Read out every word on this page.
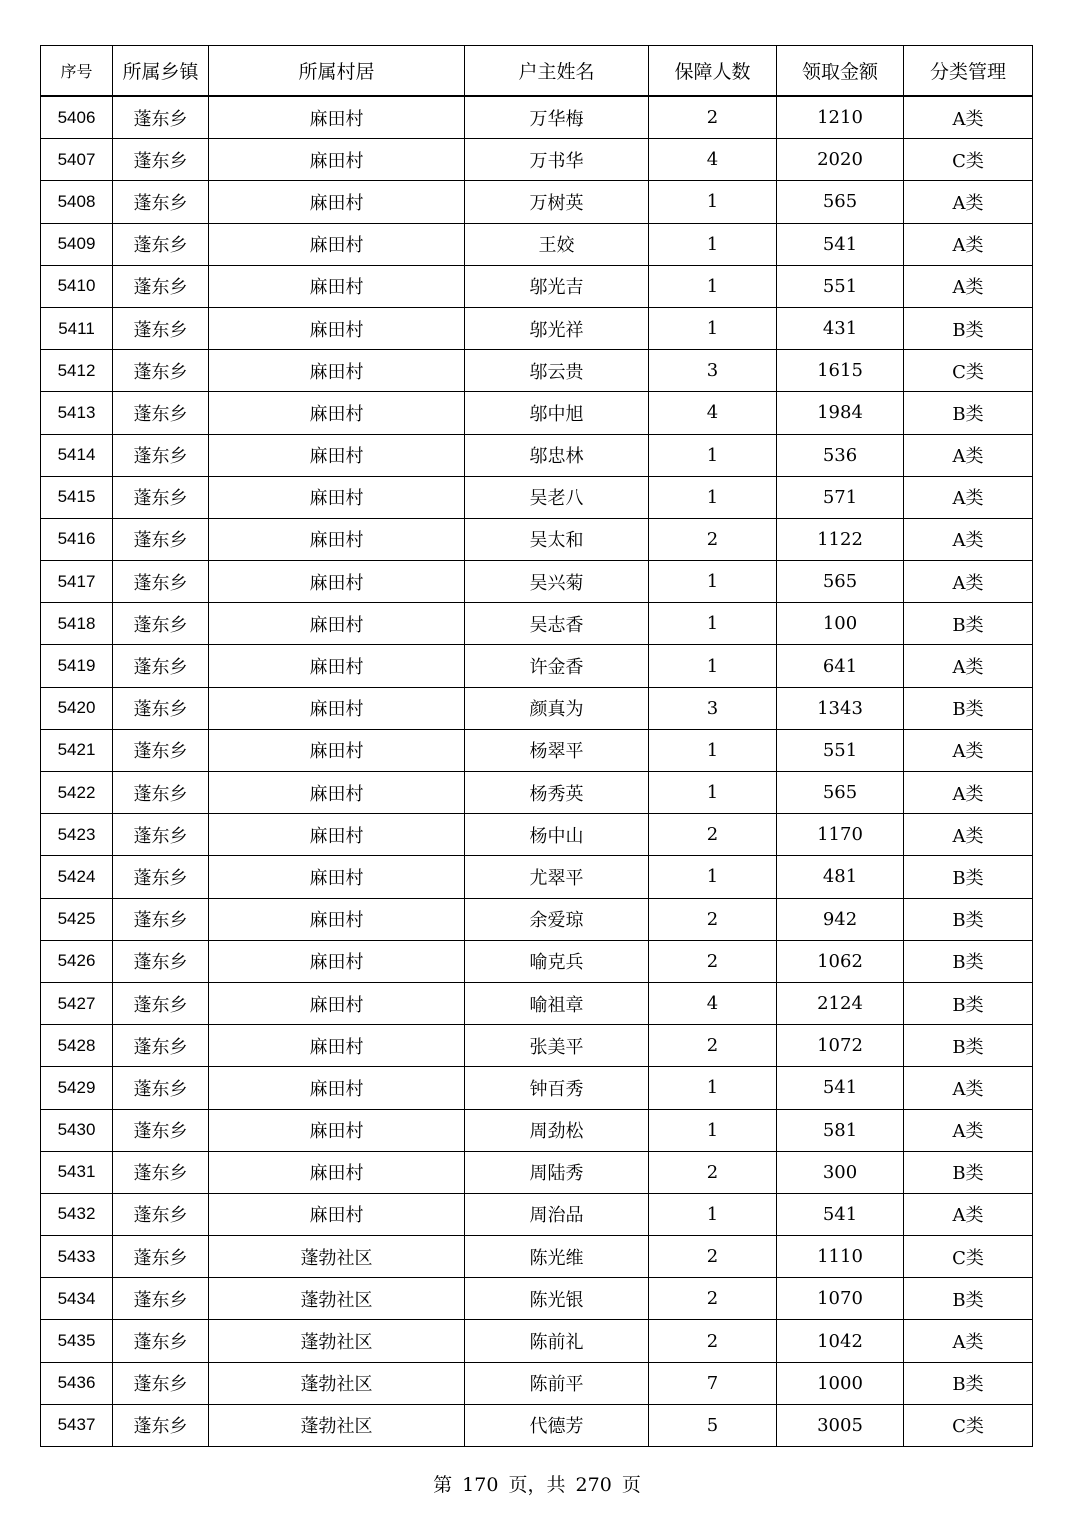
序号	所属乡镇	所属村居	户主姓名	保障人数	领取金额	分类管理
5406	蓬东乡	麻田村	万华梅	2	1210	A类
5407	蓬东乡	麻田村	万书华	4	2020	C类
5408	蓬东乡	麻田村	万树英	1	565	A类
5409	蓬东乡	麻田村	王姣	1	541	A类
5410	蓬东乡	麻田村	邬光吉	1	551	A类
5411	蓬东乡	麻田村	邬光祥	1	431	B类
5412	蓬东乡	麻田村	邬云贵	3	1615	C类
5413	蓬东乡	麻田村	邬中旭	4	1984	B类
5414	蓬东乡	麻田村	邬忠林	1	536	A类
5415	蓬东乡	麻田村	吴老八	1	571	A类
5416	蓬东乡	麻田村	吴太和	2	1122	A类
5417	蓬东乡	麻田村	吴兴菊	1	565	A类
5418	蓬东乡	麻田村	吴志香	1	100	B类
5419	蓬东乡	麻田村	许金香	1	641	A类
5420	蓬东乡	麻田村	颜真为	3	1343	B类
5421	蓬东乡	麻田村	杨翠平	1	551	A类
5422	蓬东乡	麻田村	杨秀英	1	565	A类
5423	蓬东乡	麻田村	杨中山	2	1170	A类
5424	蓬东乡	麻田村	尤翠平	1	481	B类
5425	蓬东乡	麻田村	余爱琼	2	942	B类
5426	蓬东乡	麻田村	喻克兵	2	1062	B类
5427	蓬东乡	麻田村	喻祖章	4	2124	B类
5428	蓬东乡	麻田村	张美平	2	1072	B类
5429	蓬东乡	麻田村	钟百秀	1	541	A类
5430	蓬东乡	麻田村	周劲松	1	581	A类
5431	蓬东乡	麻田村	周陆秀	2	300	B类
5432	蓬东乡	麻田村	周治品	1	541	A类
5433	蓬东乡	蓬勃社区	陈光维	2	1110	C类
5434	蓬东乡	蓬勃社区	陈光银	2	1070	B类
5435	蓬东乡	蓬勃社区	陈前礼	2	1042	A类
5436	蓬东乡	蓬勃社区	陈前平	7	1000	B类
5437	蓬东乡	蓬勃社区	代德芳	5	3005	C类
第 170 页，共 270 页
